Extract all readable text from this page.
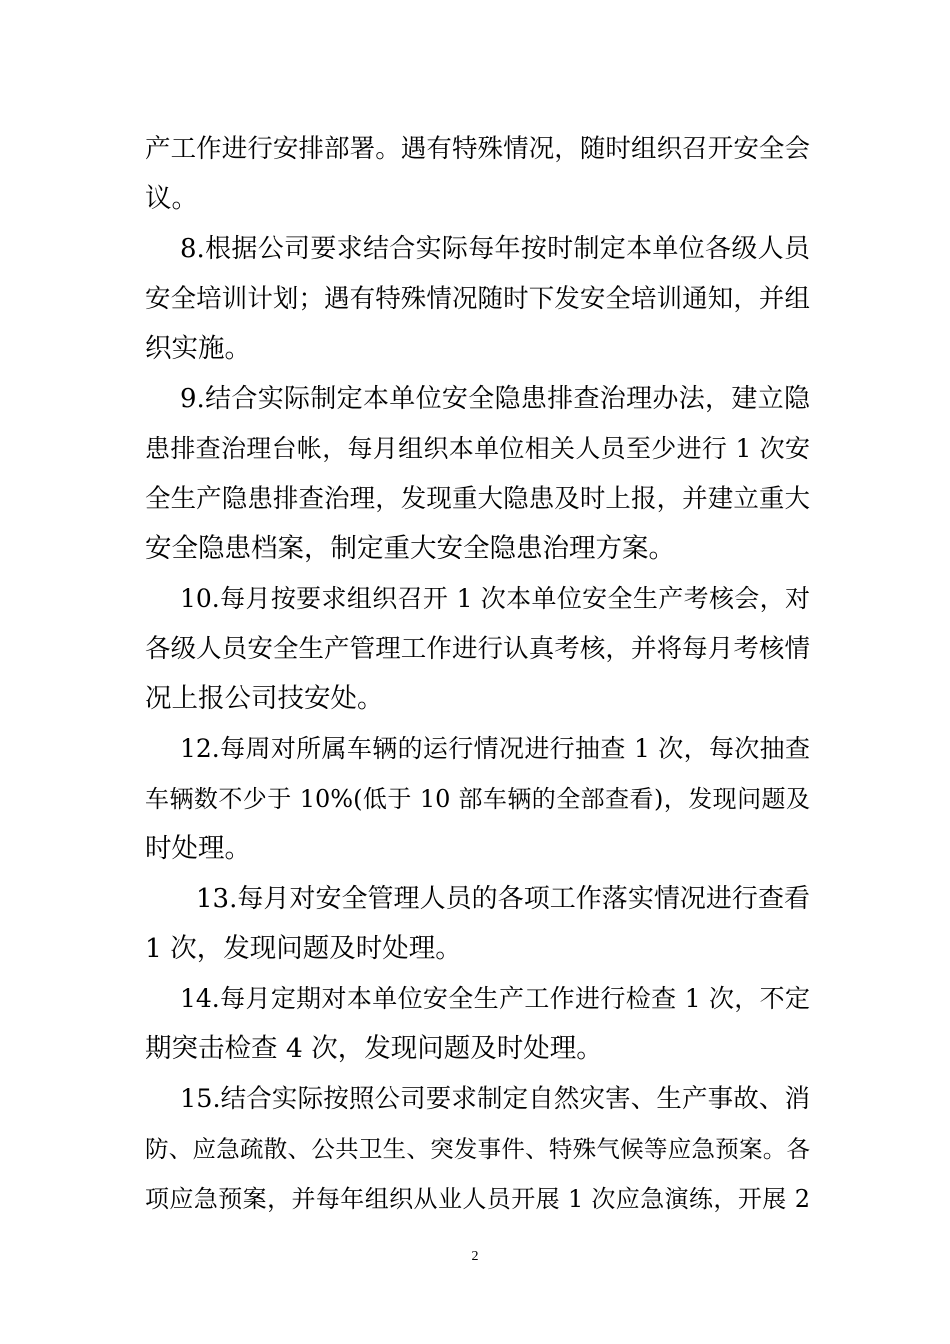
产工作进行安排部署。遇有特殊情况，随时组织召开安全会
议。
8.根据公司要求结合实际每年按时制定本单位各级人员
安全培训计划；遇有特殊情况随时下发安全培训通知，并组
织实施。
9.结合实际制定本单位安全隐患排查治理办法，建立隐
患排查治理台帐，每月组织本单位相关人员至少进行 1 次安
全生产隐患排查治理，发现重大隐患及时上报，并建立重大
安全隐患档案，制定重大安全隐患治理方案。
10.每月按要求组织召开 1 次本单位安全生产考核会，对
各级人员安全生产管理工作进行认真考核，并将每月考核情
况上报公司技安处。
12.每周对所属车辆的运行情况进行抽查 1 次，每次抽查
车辆数不少于 10%(低于 10 部车辆的全部查看)，发现问题及
时处理。
13.每月对安全管理人员的各项工作落实情况进行查看
1 次，发现问题及时处理。
14.每月定期对本单位安全生产工作进行检查 1 次，不定
期突击检查 4 次，发现问题及时处理。
15.结合实际按照公司要求制定自然灾害、生产事故、消
防、应急疏散、公共卫生、突发事件、特殊气候等应急预案。各
项应急预案，并每年组织从业人员开展 1 次应急演练，开展 2
2
